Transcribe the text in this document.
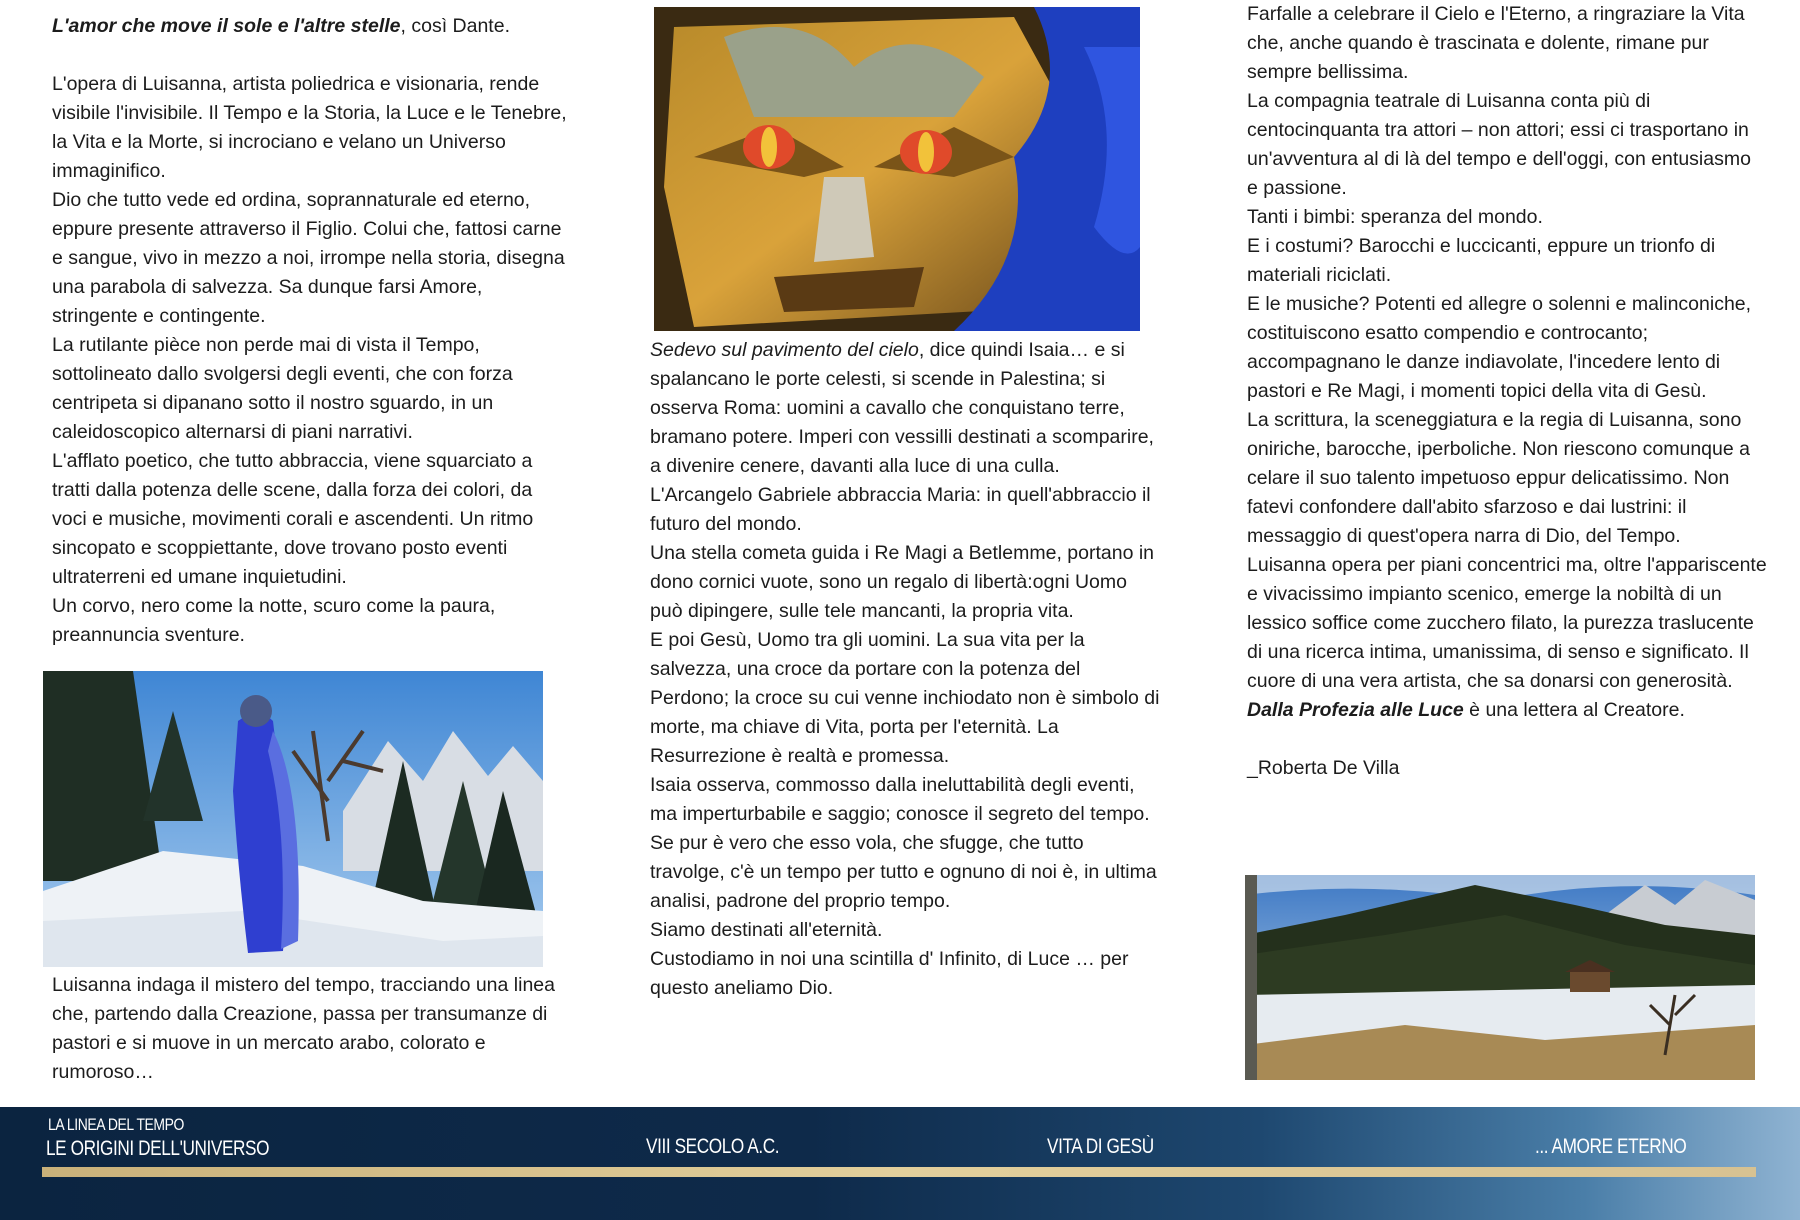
L'amor che move il sole e l'altre stelle, così Dante.

L'opera di Luisanna, artista poliedrica e visionaria, rende visibile l'invisibile. Il Tempo e la Storia, la Luce e le Tenebre, la Vita e la Morte, si incrociano e velano un Universo immaginifico.

Dio che tutto vede ed ordina, soprannaturale ed eterno, eppure presente attraverso il Figlio. Colui che, fattosi carne e sangue, vivo in mezzo a noi, irrompe nella storia, disegna una parabola di salvezza. Sa dunque farsi Amore, stringente e contingente.

La rutilante pièce non perde mai di vista il Tempo, sottolineato dallo svolgersi degli eventi, che con forza centripeta si dipanano sotto il nostro sguardo, in un caleidoscopico alternarsi di piani narrativi.

L'afflato poetico, che tutto abbraccia, viene squarciato a tratti dalla potenza delle scene, dalla forza dei colori, da voci e musiche, movimenti corali e ascendenti. Un ritmo sincopato e scoppiettante, dove trovano posto eventi ultraterreni ed umane inquietudini.

Un corvo, nero come la notte, scuro come la paura, preannuncia sventure.

Luisanna indaga il mistero del tempo, tracciando una linea che, partendo dalla Creazione, passa per transumanze di pastori e si muove in un mercato arabo, colorato e rumoroso…

Sedevo sul pavimento del cielo, dice quindi Isaia… e si spalancano le porte celesti, si scende in Palestina; si osserva Roma: uomini a cavallo che conquistano terre, bramano potere. Imperi con vessilli destinati a scomparire, a divenire cenere, davanti alla luce di una culla.

L'Arcangelo Gabriele abbraccia Maria: in quell'abbraccio il futuro del mondo.

Una stella cometa guida i Re Magi a Betlemme, portano in dono cornici vuote, sono un regalo di libertà:ogni Uomo può dipingere, sulle tele mancanti, la propria vita.

E poi Gesù, Uomo tra gli uomini. La sua vita per la salvezza, una croce da portare con la potenza del Perdono; la croce su cui venne inchiodato non è simbolo di morte, ma chiave di Vita, porta per l'eternità. La Resurrezione è realtà e promessa.

Isaia osserva, commosso dalla ineluttabilità degli eventi, ma imperturbabile e saggio; conosce il segreto del tempo. Se pur è vero che esso vola, che sfugge, che tutto travolge, c'è un tempo per tutto e ognuno di noi è, in ultima analisi, padrone del proprio tempo.

Siamo destinati all'eternità.

Custodiamo in noi una scintilla d' Infinito, di Luce … per questo aneliamo Dio.

Farfalle a celebrare il Cielo e l'Eterno, a ringraziare la Vita che, anche quando è trascinata e dolente, rimane pur sempre bellissima.

La compagnia teatrale di Luisanna conta più di centocinquanta tra attori – non attori; essi ci trasportano in un'avventura al di là del tempo e dell'oggi, con entusiasmo e passione.

Tanti i bimbi: speranza del mondo.

E i costumi? Barocchi e luccicanti, eppure un trionfo di materiali riciclati.

E le musiche? Potenti ed allegre o solenni e malinconiche, costituiscono esatto compendio e controcanto; accompagnano le danze indiavolate, l'incedere lento di pastori e Re Magi, i momenti topici della vita di Gesù.

La scrittura, la sceneggiatura e la regia di Luisanna, sono oniriche, barocche, iperboliche. Non riescono comunque a celare il suo talento impetuoso eppur delicatissimo. Non fatevi confondere dall'abito sfarzoso e dai lustrini: il messaggio di quest'opera narra di Dio, del Tempo.

Luisanna opera per piani concentrici ma, oltre l'appariscente e vivacissimo impianto scenico, emerge la nobiltà di un lessico soffice come zucchero filato, la purezza traslucente di una ricerca intima, umanissima, di senso e significato. Il cuore di una vera artista, che sa donarsi con generosità.

Dalla Profezia alle Luce è una lettera al Creatore.

_Roberta De Villa

LA LINEA DEL TEMPO
LE ORIGINI DELL'UNIVERSO	VIII SECOLO A.C.	VITA DI GESÙ	... AMORE ETERNO
